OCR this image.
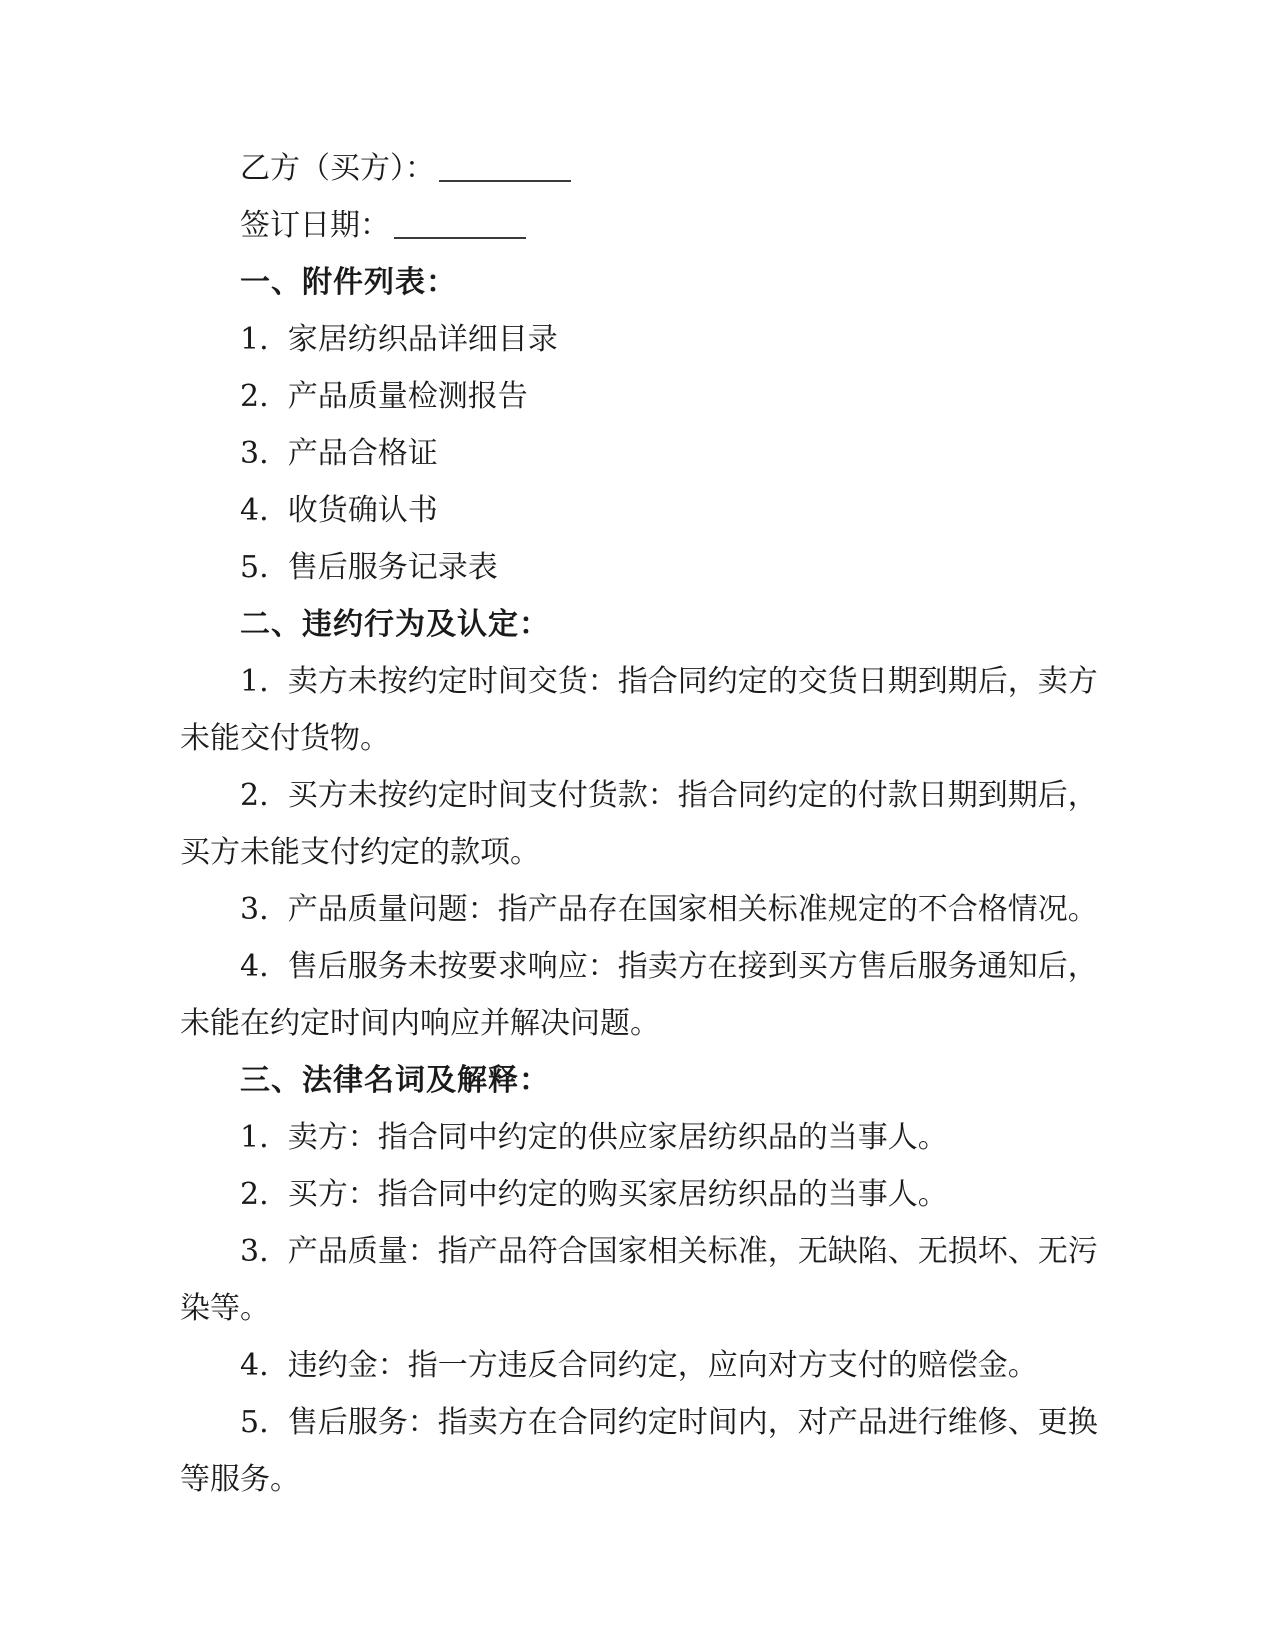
乙方（买方）：
签订日期：
一、附件列表：
1.  家居纺织品详细目录
2.  产品质量检测报告
3.  产品合格证
4.  收货确认书
5.  售后服务记录表
二、违约行为及认定：
1.  卖方未按约定时间交货：指合同约定的交货日期到期后，卖方
未能交付货物。
2.  买方未按约定时间支付货款：指合同约定的付款日期到期后，
买方未能支付约定的款项。
3.  产品质量问题：指产品存在国家相关标准规定的不合格情况。
4.  售后服务未按要求响应：指卖方在接到买方售后服务通知后，
未能在约定时间内响应并解决问题。
三、法律名词及解释：
1.  卖方：指合同中约定的供应家居纺织品的当事人。
2.  买方：指合同中约定的购买家居纺织品的当事人。
3.  产品质量：指产品符合国家相关标准，无缺陷、无损坏、无污
染等。
4.  违约金：指一方违反合同约定，应向对方支付的赔偿金。
5.  售后服务：指卖方在合同约定时间内，对产品进行维修、更换
等服务。
